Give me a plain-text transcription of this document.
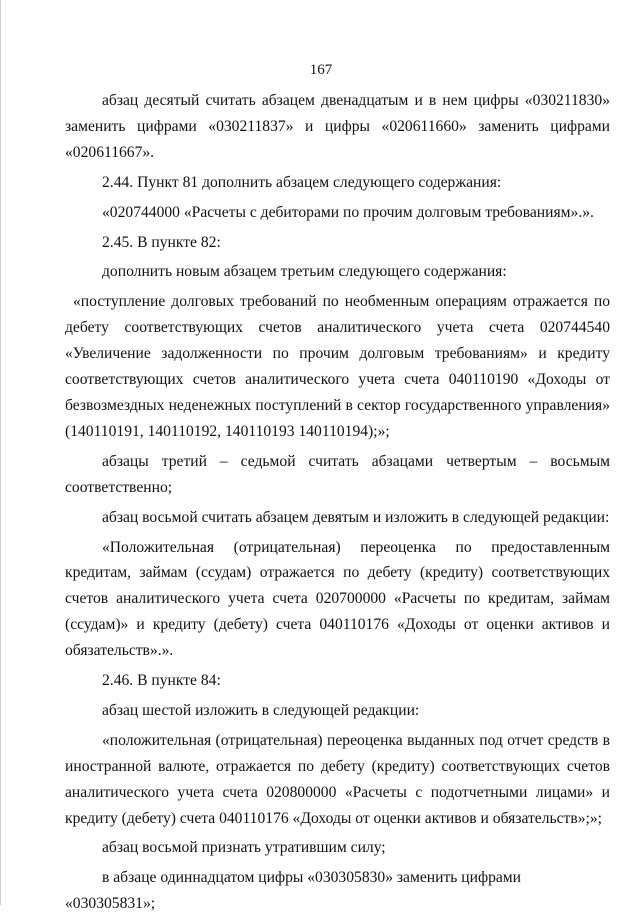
167

абзац десятый считать абзацем двенадцатым и в нем цифры «030211830» заменить цифрами «030211837» и цифры «020611660» заменить цифрами «020611667».

2.44. Пункт 81 дополнить абзацем следующего содержания:

«020744000 «Расчеты с дебиторами по прочим долговым требованиям».».

2.45. В пункте 82:

дополнить новым абзацем третьим следующего содержания:

«поступление долговых требований по необменным операциям отражается по дебету соответствующих счетов аналитического учета счета 020744540 «Увеличение задолженности по прочим долговым требованиям» и кредиту соответствующих счетов аналитического учета счета 040110190 «Доходы от безвозмездных неденежных поступлений в сектор государственного управления» (140110191, 140110192, 140110193 140110194);»;

абзацы третий – седьмой считать абзацами четвертым – восьмым соответственно;

абзац восьмой считать абзацем девятым и изложить в следующей редакции:

«Положительная (отрицательная) переоценка по предоставленным кредитам, займам (ссудам) отражается по дебету (кредиту) соответствующих счетов аналитического учета счета 020700000 «Расчеты по кредитам, займам (ссудам)» и кредиту (дебету) счета 040110176 «Доходы от оценки активов и обязательств».».

2.46. В пункте 84:

абзац шестой изложить в следующей редакции:

«положительная (отрицательная) переоценка выданных под отчет средств в иностранной валюте, отражается по дебету (кредиту) соответствующих счетов аналитического учета счета 020800000 «Расчеты с подотчетными лицами» и кредиту (дебету) счета 040110176 «Доходы от оценки активов и обязательств»;»;

абзац восьмой признать утратившим силу;

в абзаце одиннадцатом цифры «030305830» заменить цифрами «030305831»;
